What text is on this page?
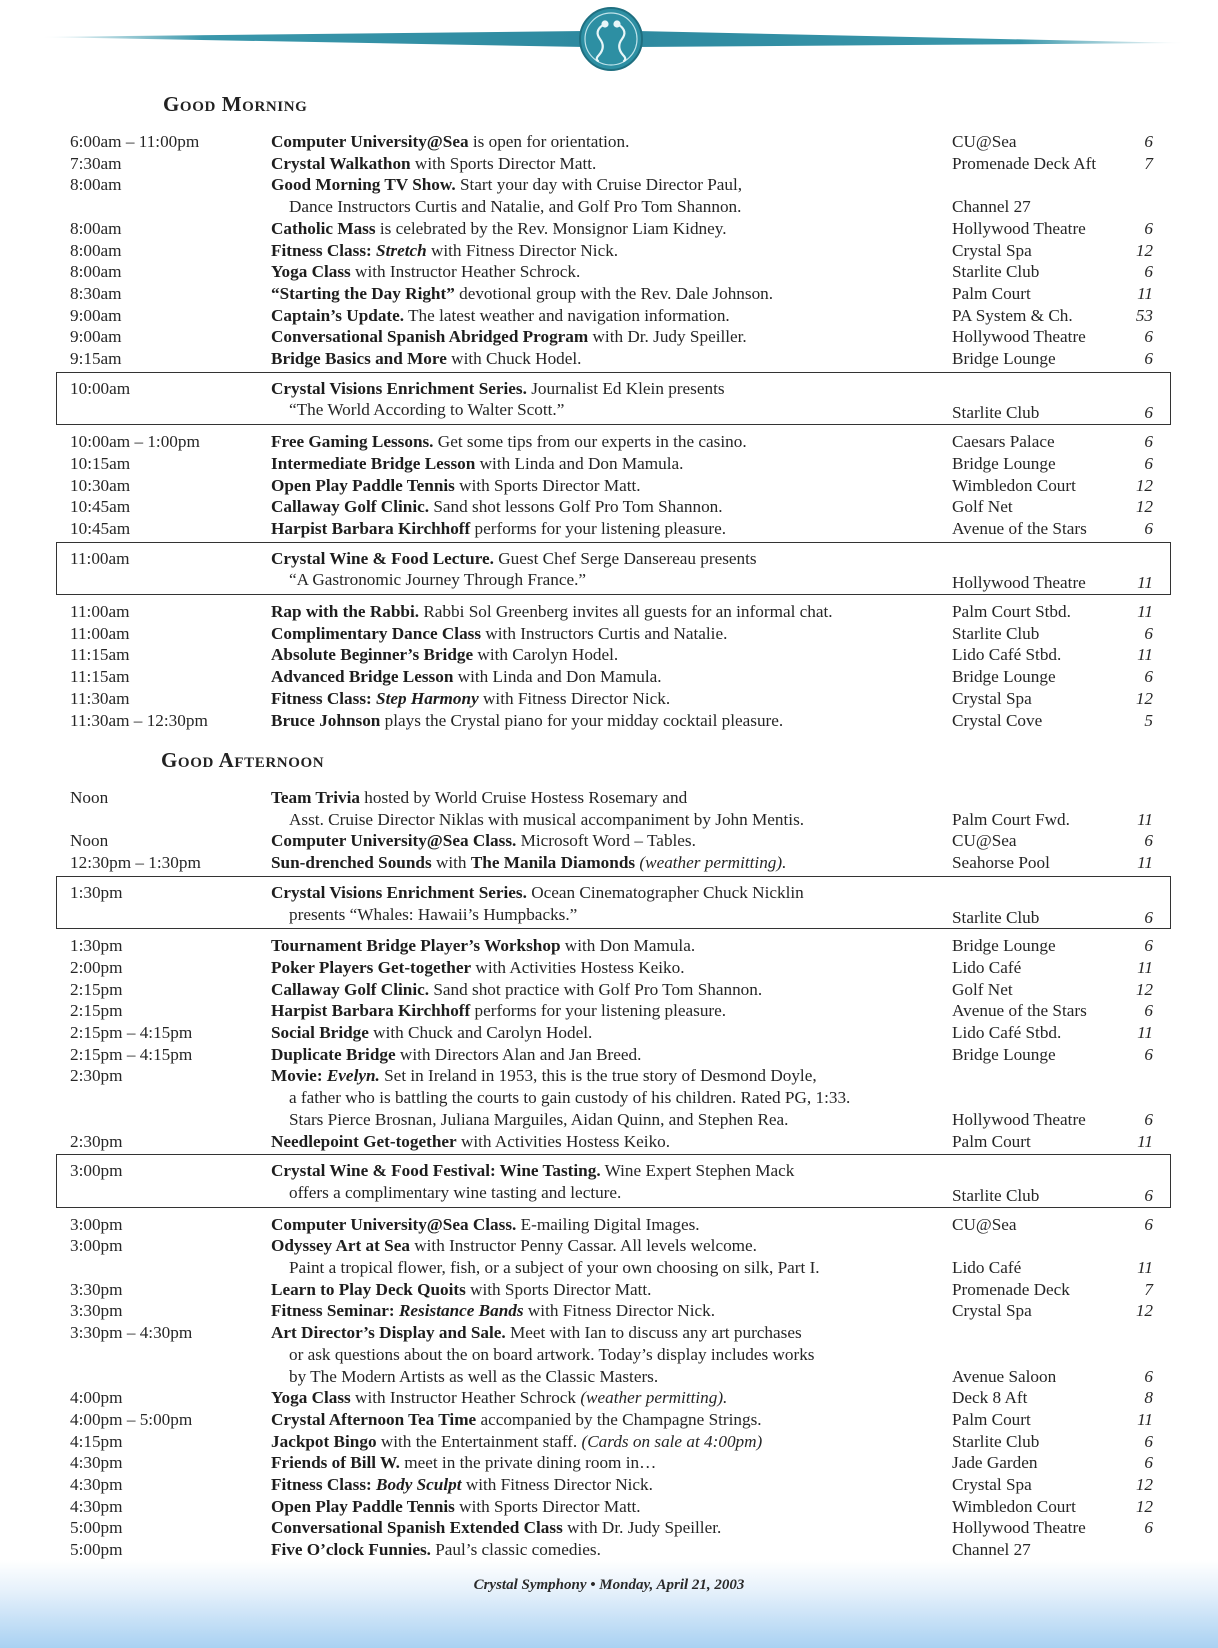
Good Morning
6:00am – 11:00pm	Computer University@Sea is open for orientation.	CU@Sea	6
7:30am	Crystal Walkathon with Sports Director Matt.	Promenade Deck Aft	7
8:00am	Good Morning TV Show. Start your day with Cruise Director Paul,
Dance Instructors Curtis and Natalie, and Golf Pro Tom Shannon.	Channel 27
8:00am	Catholic Mass is celebrated by the Rev. Monsignor Liam Kidney.	Hollywood Theatre	6
8:00am	Fitness Class: Stretch with Fitness Director Nick.	Crystal Spa	12
8:00am	Yoga Class with Instructor Heather Schrock.	Starlite Club	6
8:30am	“Starting the Day Right” devotional group with the Rev. Dale Johnson.	Palm Court	11
9:00am	Captain’s Update. The latest weather and navigation information.	PA System & Ch.	53
9:00am	Conversational Spanish Abridged Program with Dr. Judy Speiller.	Hollywood Theatre	6
9:15am	Bridge Basics and More with Chuck Hodel.	Bridge Lounge	6
10:00am	Crystal Visions Enrichment Series. Journalist Ed Klein presents
“The World According to Walter Scott.”	Starlite Club	6
10:00am – 1:00pm	Free Gaming Lessons. Get some tips from our experts in the casino.	Caesars Palace	6
10:15am	Intermediate Bridge Lesson with Linda and Don Mamula.	Bridge Lounge	6
10:30am	Open Play Paddle Tennis with Sports Director Matt.	Wimbledon Court	12
10:45am	Callaway Golf Clinic. Sand shot lessons Golf Pro Tom Shannon.	Golf Net	12
10:45am	Harpist Barbara Kirchhoff performs for your listening pleasure.	Avenue of the Stars	6
11:00am	Crystal Wine & Food Lecture. Guest Chef Serge Dansereau presents
“A Gastronomic Journey Through France.”	Hollywood Theatre	11
11:00am	Rap with the Rabbi. Rabbi Sol Greenberg invites all guests for an informal chat.	Palm Court Stbd.	11
11:00am	Complimentary Dance Class with Instructors Curtis and Natalie.	Starlite Club	6
11:15am	Absolute Beginner’s Bridge with Carolyn Hodel.	Lido Café Stbd.	11
11:15am	Advanced Bridge Lesson with Linda and Don Mamula.	Bridge Lounge	6
11:30am	Fitness Class: Step Harmony with Fitness Director Nick.	Crystal Spa	12
11:30am – 12:30pm	Bruce Johnson plays the Crystal piano for your midday cocktail pleasure.	Crystal Cove	5
Good Afternoon
Noon	Team Trivia hosted by World Cruise Hostess Rosemary and
Asst. Cruise Director Niklas with musical accompaniment by John Mentis.	Palm Court Fwd.	11
Noon	Computer University@Sea Class. Microsoft Word – Tables.	CU@Sea	6
12:30pm – 1:30pm	Sun-drenched Sounds with The Manila Diamonds (weather permitting).	Seahorse Pool	11
1:30pm	Crystal Visions Enrichment Series. Ocean Cinematographer Chuck Nicklin
presents “Whales: Hawaii’s Humpbacks.”	Starlite Club	6
1:30pm	Tournament Bridge Player’s Workshop with Don Mamula.	Bridge Lounge	6
2:00pm	Poker Players Get-together with Activities Hostess Keiko.	Lido Café	11
2:15pm	Callaway Golf Clinic. Sand shot practice with Golf Pro Tom Shannon.	Golf Net	12
2:15pm	Harpist Barbara Kirchhoff performs for your listening pleasure.	Avenue of the Stars	6
2:15pm – 4:15pm	Social Bridge with Chuck and Carolyn Hodel.	Lido Café Stbd.	11
2:15pm – 4:15pm	Duplicate Bridge with Directors Alan and Jan Breed.	Bridge Lounge	6
2:30pm	Movie: Evelyn. Set in Ireland in 1953, this is the true story of Desmond Doyle,
a father who is battling the courts to gain custody of his children. Rated PG, 1:33.
Stars Pierce Brosnan, Juliana Marguiles, Aidan Quinn, and Stephen Rea.	Hollywood Theatre	6
2:30pm	Needlepoint Get-together with Activities Hostess Keiko.	Palm Court	11
3:00pm	Crystal Wine & Food Festival: Wine Tasting. Wine Expert Stephen Mack
offers a complimentary wine tasting and lecture.	Starlite Club	6
3:00pm	Computer University@Sea Class. E-mailing Digital Images.	CU@Sea	6
3:00pm	Odyssey Art at Sea with Instructor Penny Cassar. All levels welcome.
Paint a tropical flower, fish, or a subject of your own choosing on silk, Part I.	Lido Café	11
3:30pm	Learn to Play Deck Quoits with Sports Director Matt.	Promenade Deck	7
3:30pm	Fitness Seminar: Resistance Bands with Fitness Director Nick.	Crystal Spa	12
3:30pm – 4:30pm	Art Director’s Display and Sale. Meet with Ian to discuss any art purchases
or ask questions about the on board artwork. Today’s display includes works
by The Modern Artists as well as the Classic Masters.	Avenue Saloon	6
4:00pm	Yoga Class with Instructor Heather Schrock (weather permitting).	Deck 8 Aft	8
4:00pm – 5:00pm	Crystal Afternoon Tea Time accompanied by the Champagne Strings.	Palm Court	11
4:15pm	Jackpot Bingo with the Entertainment staff. (Cards on sale at 4:00pm)	Starlite Club	6
4:30pm	Friends of Bill W. meet in the private dining room in…	Jade Garden	6
4:30pm	Fitness Class: Body Sculpt with Fitness Director Nick.	Crystal Spa	12
4:30pm	Open Play Paddle Tennis with Sports Director Matt.	Wimbledon Court	12
5:00pm	Conversational Spanish Extended Class with Dr. Judy Speiller.	Hollywood Theatre	6
5:00pm	Five O’clock Funnies. Paul’s classic comedies.	Channel 27
Crystal Symphony • Monday, April 21, 2003
